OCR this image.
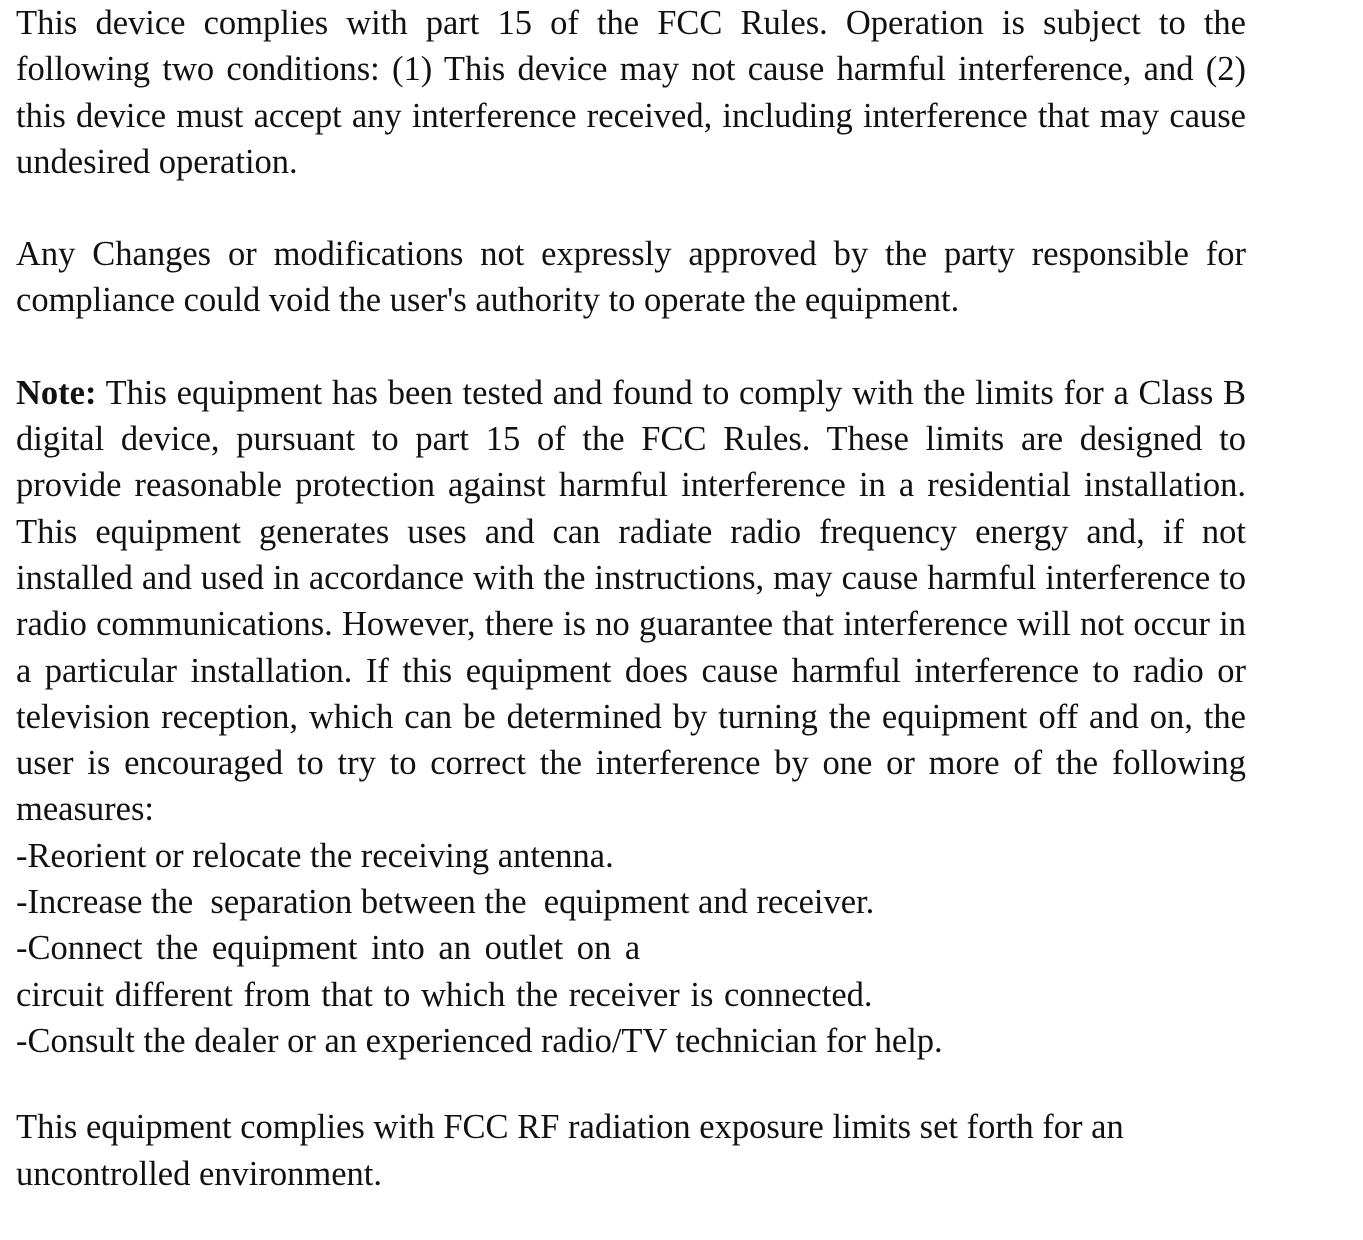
This device complies with part 15 of the FCC Rules. Operation is subject to the following two conditions: (1) This device may not cause harmful interference, and (2) this device must accept any interference received, including interference that may cause undesired operation.

Any Changes or modifications not expressly approved by the party responsible for compliance could void the user's authority to operate the equipment.

Note: This equipment has been tested and found to comply with the limits for a Class B digital device, pursuant to part 15 of the FCC Rules. These limits are designed to provide reasonable protection against harmful interference in a residential installation. This equipment generates uses and can radiate radio frequency energy and, if not installed and used in accordance with the instructions, may cause harmful interference to radio communications. However, there is no guarantee that interference will not occur in a particular installation. If this equipment does cause harmful interference to radio or television reception, which can be determined by turning the equipment off and on, the user is encouraged to try to correct the interference by one or more of the following measures:

-Reorient or relocate the receiving antenna.
-Increase the  separation between the  equipment and receiver.
-Connect the equipment into an outlet on a
circuit different from that to which the receiver is connected.
-Consult the dealer or an experienced radio/TV technician for help.
This equipment complies with FCC RF radiation exposure limits set forth for an
uncontrolled environment.
